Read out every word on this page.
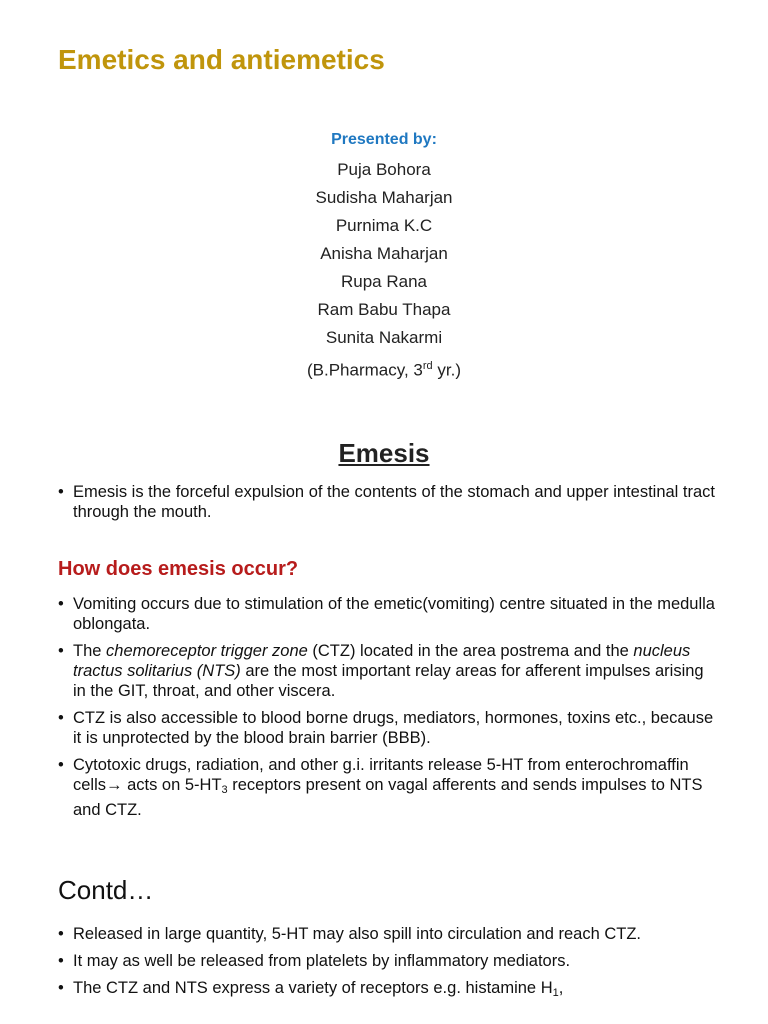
Emetics and antiemetics
Presented by:
Puja Bohora
Sudisha Maharjan
Purnima K.C
Anisha Maharjan
Rupa Rana
Ram Babu Thapa
Sunita Nakarmi
(B.Pharmacy, 3rd yr.)
Emesis
• Emesis is the forceful expulsion of the contents of the stomach and upper intestinal tract through the mouth.
How does emesis occur?
• Vomiting occurs due to stimulation of the emetic(vomiting) centre situated in the medulla oblongata.
• The chemoreceptor trigger zone (CTZ) located in the area postrema and the nucleus tractus solitarius (NTS) are the most important relay areas for afferent impulses arising in the GIT, throat, and other viscera.
• CTZ is also accessible to blood borne drugs, mediators, hormones, toxins etc., because it is unprotected by the blood brain barrier (BBB).
• Cytotoxic drugs, radiation, and other g.i. irritants release 5-HT from enterochromaffin cells→ acts on $5-HT_3$ receptors present on vagal afferents and sends impulses to NTS and CTZ.
Contd…
• Released in large quantity, 5-HT may also spill into circulation and reach CTZ.
• It may as well be released from platelets by inflammatory mediators.
• The CTZ and NTS express a variety of receptors e.g. histamine $H_1$,
